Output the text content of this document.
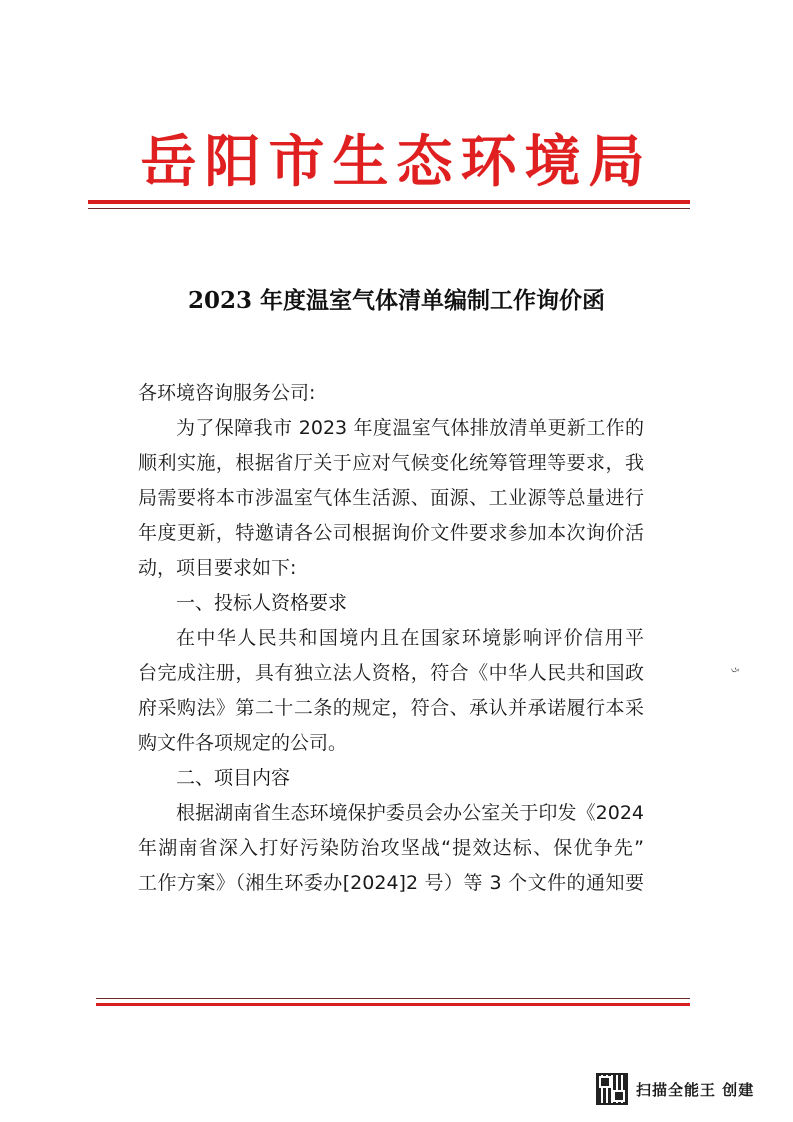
岳阳市生态环境局
2023 年度温室气体清单编制工作询价函
各环境咨询服务公司:
为了保障我市 2023 年度温室气体排放清单更新工作的
顺利实施，根据省厅关于应对气候变化统筹管理等要求，我
局需要将本市涉温室气体生活源、面源、工业源等总量进行
年度更新，特邀请各公司根据询价文件要求参加本次询价活
动，项目要求如下:
一、投标人资格要求
在中华人民共和国境内且在国家环境影响评价信用平
台完成注册，具有独立法人资格，符合《中华人民共和国政
府采购法》第二十二条的规定，符合、承认并承诺履行本采
购文件各项规定的公司。
二、项目内容
根据湖南省生态环境保护委员会办公室关于印发《2024
年湖南省深入打好污染防治攻坚战“提效达标、保优争先”
工作方案》（湘生环委办[2024]2 号）等 3 个文件的通知要
ぅ
扫描全能王 创建
